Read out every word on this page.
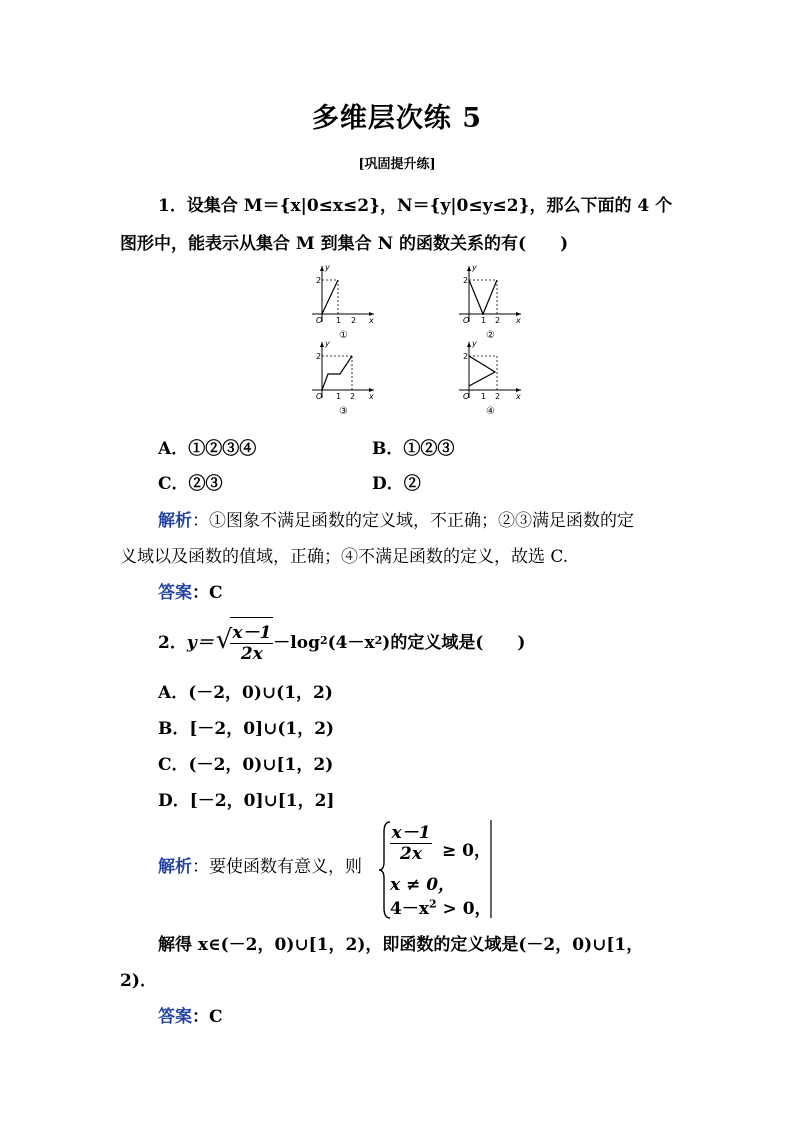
多维层次练 5
[巩固提升练]
1．设集合 M＝{x|0≤x≤2}，N＝{y|0≤y≤2}，那么下面的 4 个
图形中，能表示从集合 M 到集合 N 的函数关系的有(　　)
y
2
O 1 2 x
①
y
2
O 1 2 x
②
y
2
O 1 2 x
③
y
2
O 1 2 x
④
A．①②③④	B．①②③
C．②③	D．②
解析：①图象不满足函数的定义域，不正确；②③满足函数的定
义域以及函数的值域，正确；④不满足函数的定义，故选 C.
答案：C
2． y＝ √
$\frac{x-1}{2x} -\log$ 2 (4－x 2 )的定义域是(　　)
A．(－2，0)∪(1，2)
B．[－2，0]∪(1，2)
C．(－2，0)∪[1，2)
D．[－2，0]∪[1，2]
解析：要使函数有意义，则
$\frac{x-1}{2x}$
≥ 0，
x ≠ 0，
$4-x^2 > 0$，
解得 x∈(－2，0)∪[1，2)，即函数的定义域是(－2，0)∪[1，
2)．
答案：C
